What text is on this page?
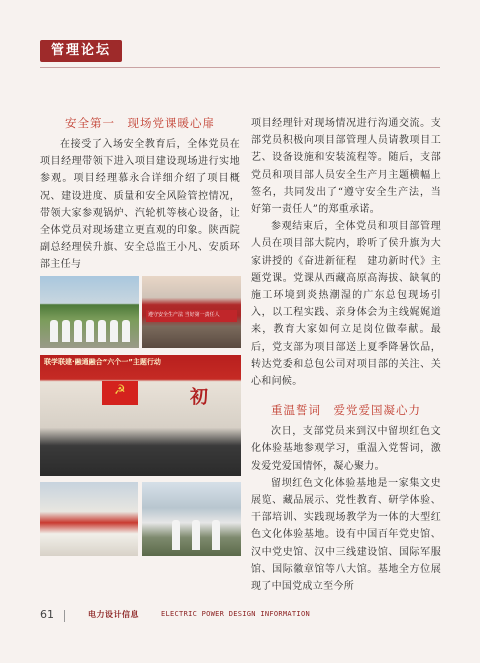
管理论坛
安全第一　现场党课暖心扉

在接受了入场安全教育后，全体党员在项目经理带领下进入项目建设现场进行实地参观。项目经理慕永合详细介绍了项目概况、建设进度、质量和安全风险管控情况，带领大家参观锅炉、汽轮机等核心设备，让全体党员对现场建立更直观的印象。陕西院副总经理侯升旗、安全总监王小凡、安质环部主任与

遵守安全生产法 当好第一责任人
联学联建·融通融合“六个一”主题行动
☭	初

项目经理针对现场情况进行沟通交流。支部党员积极向项目部管理人员请教项目工艺、设备设施和安装流程等。随后，支部党员和项目部人员安全生产月主题横幅上签名，共同发出了“遵守安全生产法，当好第一责任人”的郑重承诺。

参观结束后，全体党员和项目部管理人员在项目部大院内，聆听了侯升旗为大家讲授的《奋进新征程　建功新时代》主题党课。党课从西藏高原高海拔、缺氧的施工环境到炎热潮湿的广东总包现场引入，以工程实践、亲身体会为主线娓娓道来，教育大家如何立足岗位做奉献。最后，党支部为项目部送上夏季降暑饮品，转达党委和总包公司对项目部的关注、关心和问候。

重温誓词　爱党爱国凝心力

次日，支部党员来到汉中留坝红色文化体验基地参观学习，重温入党誓词，激发爱党爱国情怀，凝心聚力。

留坝红色文化体验基地是一家集文史展览、藏品展示、党性教育、研学体验、干部培训、实践现场教学为一体的大型红色文化体验基地。设有中国百年党史馆、汉中党史馆、汉中三线建设馆、国际军服馆、国际徽章馆等八大馆。基地全方位展现了中国党成立至今所

61	电力设计信息	ELECTRIC POWER DESIGN INFORMATION
